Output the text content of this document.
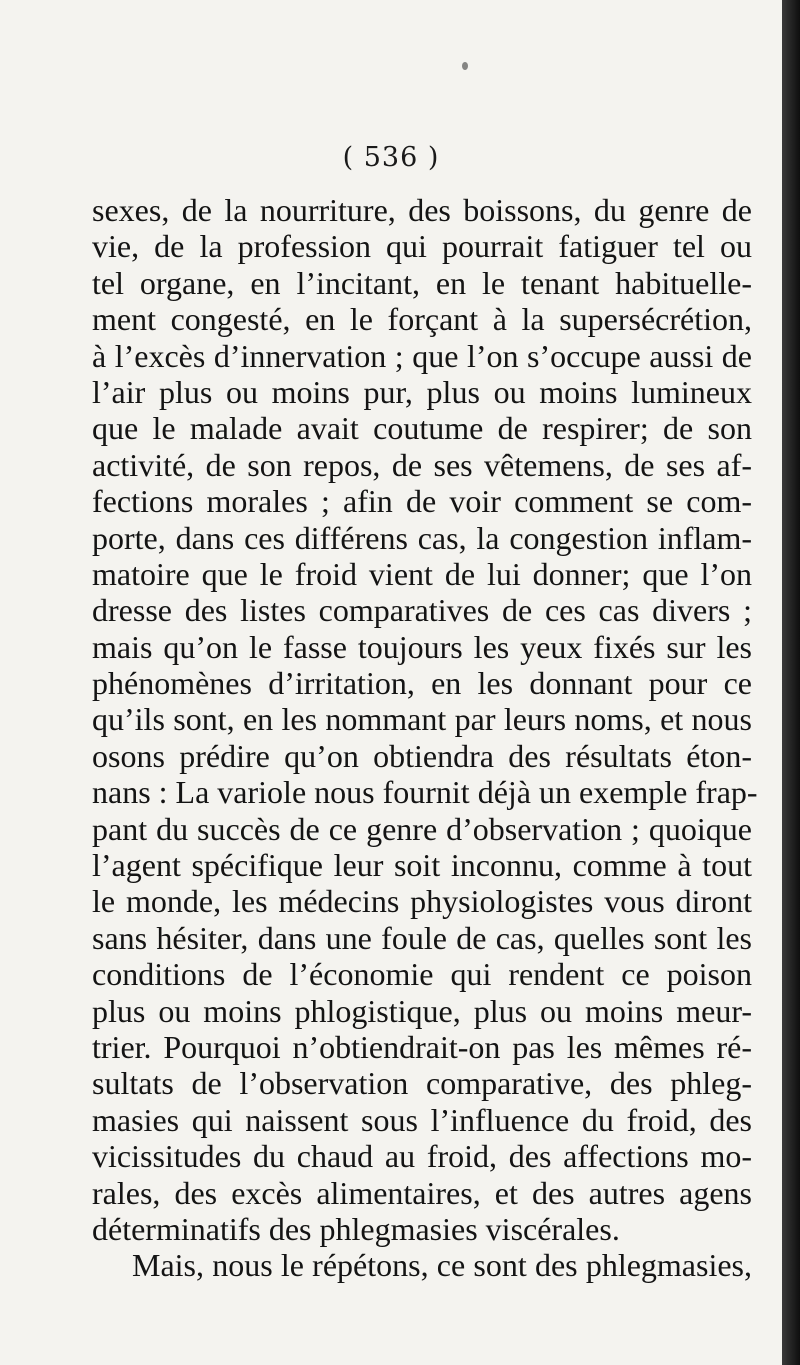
( 536 )
sexes, de la nourriture, des boissons, du genre de
vie, de la profession qui pourrait fatiguer tel ou
tel organe, en l’incitant, en le tenant habituelle-
ment congesté, en le forçant à la supersécrétion,
à l’excès d’innervation ; que l’on s’occupe aussi de
l’air plus ou moins pur, plus ou moins lumineux
que le malade avait coutume de respirer; de son
activité, de son repos, de ses vêtemens, de ses af-
fections morales ; afin de voir comment se com-
porte, dans ces différens cas, la congestion inflam-
matoire que le froid vient de lui donner; que l’on
dresse des listes comparatives de ces cas divers ;
mais qu’on le fasse toujours les yeux fixés sur les
phénomènes d’irritation, en les donnant pour ce
qu’ils sont, en les nommant par leurs noms, et nous
osons prédire qu’on obtiendra des résultats éton-
nans : La variole nous fournit déjà un exemple frap-
pant du succès de ce genre d’observation ; quoique
l’agent spécifique leur soit inconnu, comme à tout
le monde, les médecins physiologistes vous diront
sans hésiter, dans une foule de cas, quelles sont les
conditions de l’économie qui rendent ce poison
plus ou moins phlogistique, plus ou moins meur-
trier. Pourquoi n’obtiendrait-on pas les mêmes ré-
sultats de l’observation comparative, des phleg-
masies qui naissent sous l’influence du froid, des
vicissitudes du chaud au froid, des affections mo-
rales, des excès alimentaires, et des autres agens
déterminatifs des phlegmasies viscérales.
Mais, nous le répétons, ce sont des phlegmasies,
